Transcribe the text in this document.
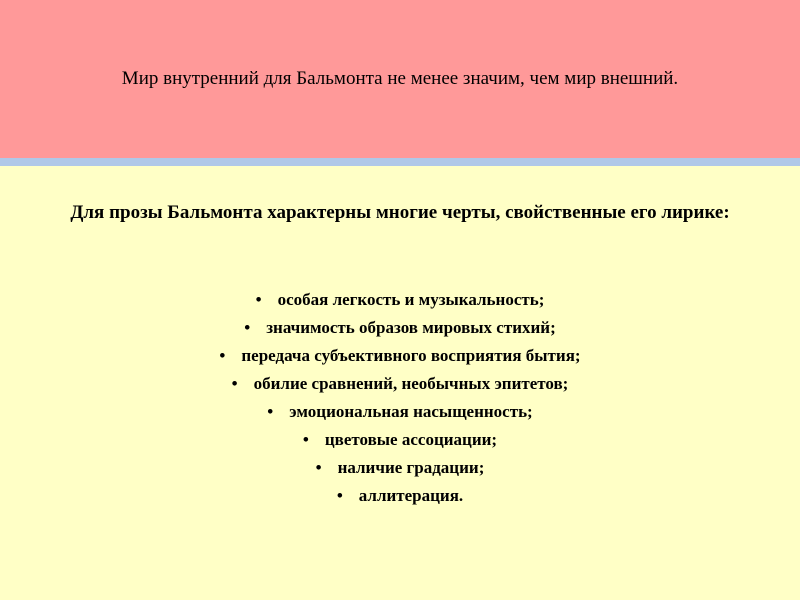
Мир внутренний для Бальмонта не менее значим, чем мир внешний.

Для прозы Бальмонта характерны многие черты, свойственные его лирике:

• особая легкость и музыкальность;
• значимость образов мировых стихий;
• передача субъективного восприятия бытия;
• обилие сравнений, необычных эпитетов;
• эмоциональная насыщенность;
• цветовые ассоциации;
• наличие градации;
• аллитерация.
